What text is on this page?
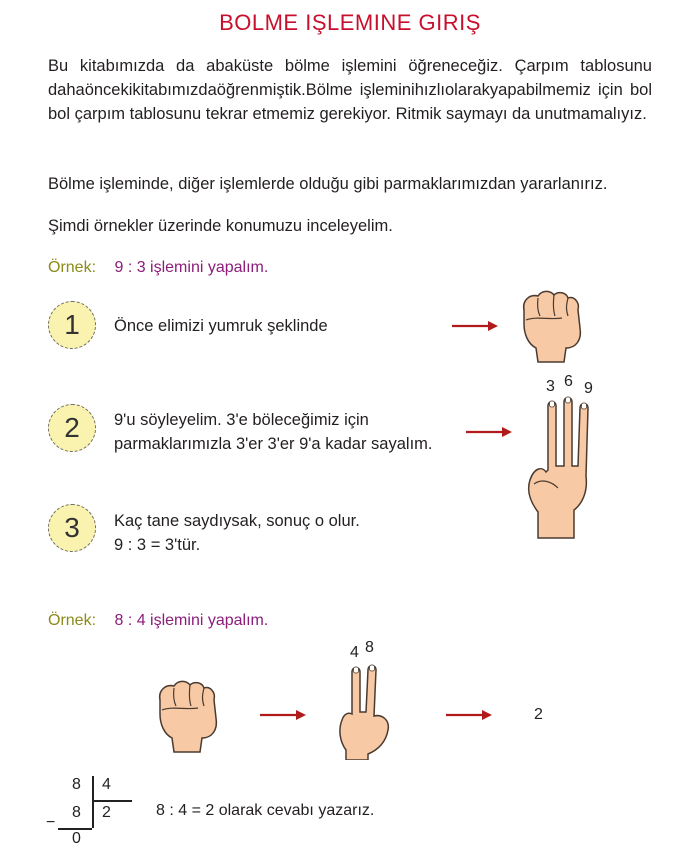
BOLME IŞLEMINE GIRIŞ
Bu kitabımızda da abaküste bölme işlemini öğreneceğiz. Çarpım tablosunu dahaöncekikitabımızdaöğrenmiştik.Bölme işleminihızlıolarakyapabilmemiz için bol bol çarpım tablosunu tekrar etmemiz gerekiyor. Ritmik saymayı da unutmamalıyız.
Bölme işleminde, diğer işlemlerde olduğu gibi parmaklarımızdan yararlanırız.
Şimdi örnekler üzerinde konumuzu inceleyelim.
Örnek: 9 : 3 işlemini yapalım.
1	Önce elimizi yumruk şeklinde
2	9'u söyleyelim. 3'e böleceğimiz için
parmaklarımızla 3'er 3'er 9'a kadar sayalım.
3 6 9
3	Kaç tane saydıysak, sonuç o olur.
9 : 3 = 3'tür.
Örnek: 8 : 4 işlemini yapalım.
4 8
2
8 4
8 2
−
0
8 : 4 = 2 olarak cevabı yazarız.
